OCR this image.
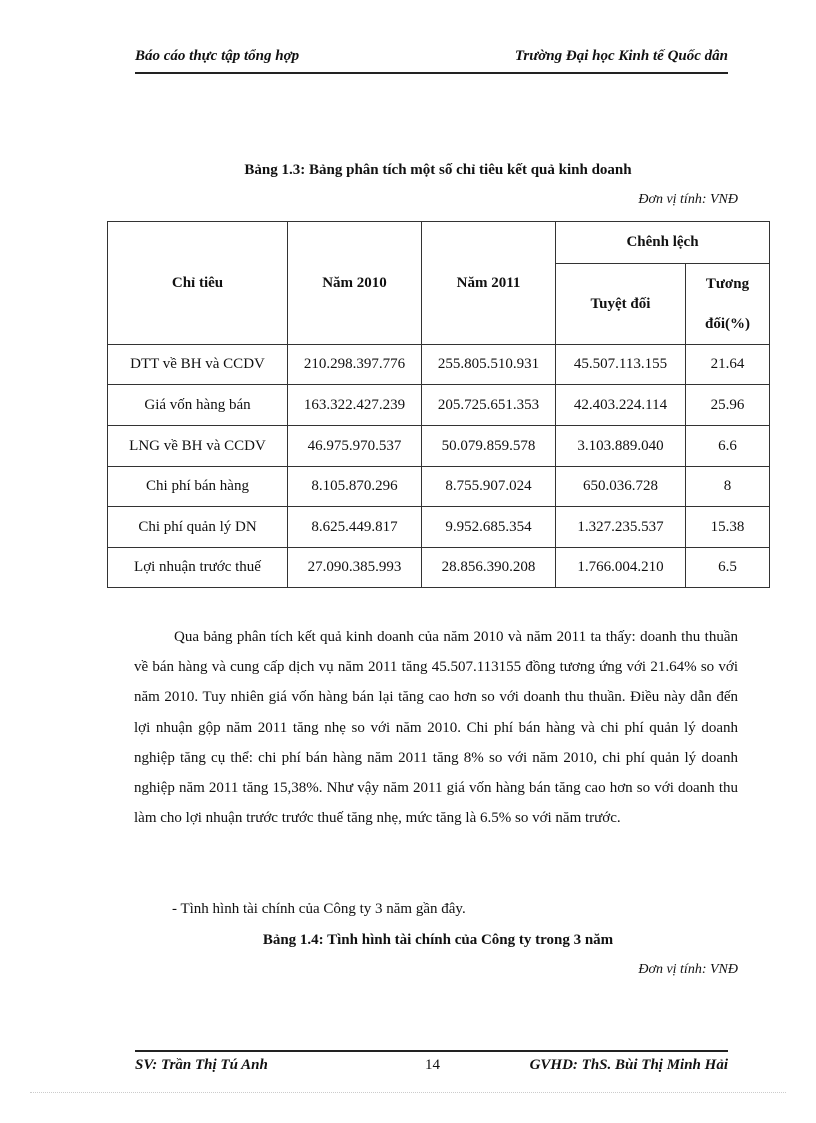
Báo cáo thực tập tổng hợp	Trường Đại học Kinh tế Quốc dân
Bảng 1.3: Bảng phân tích một số chỉ tiêu kết quả kinh doanh
Đơn vị tính: VNĐ
Chỉ tiêu	Năm 2010	Năm 2011	Chênh lệch	
			Tuyệt đối	Tương
đối(%)

DTT về BH và CCDV	210.298.397.776	255.805.510.931	45.507.113.155	21.64
Giá vốn hàng bán	163.322.427.239	205.725.651.353	42.403.224.114	25.96
LNG về BH và CCDV	46.975.970.537	50.079.859.578	3.103.889.040	6.6
Chi phí bán hàng	8.105.870.296	8.755.907.024	650.036.728	8
Chi phí quản lý DN	8.625.449.817	9.952.685.354	1.327.235.537	15.38
Lợi nhuận trước thuế	27.090.385.993	28.856.390.208	1.766.004.210	6.5
Qua bảng phân tích kết quả kinh doanh của năm 2010 và năm 2011 ta thấy: doanh thu thuần về bán hàng và cung cấp dịch vụ năm 2011 tăng 45.507.113155 đồng tương ứng với 21.64% so với năm 2010. Tuy nhiên giá vốn hàng bán lại tăng cao hơn so với doanh thu thuần. Điều này dẫn đến lợi nhuận gộp năm 2011 tăng nhẹ so với năm 2010. Chi phí bán hàng và chi phí quản lý doanh nghiệp tăng cụ thể: chi phí bán hàng năm 2011 tăng 8% so với năm 2010, chi phí quản lý doanh nghiệp năm 2011 tăng 15,38%. Như vậy năm 2011 giá vốn hàng bán tăng cao hơn so với doanh thu làm cho lợi nhuận trước trước thuế tăng nhẹ, mức tăng là 6.5% so với năm trước.
- Tình hình tài chính của Công ty 3 năm gần đây.
Bảng 1.4: Tình hình tài chính của Công ty trong 3 năm
Đơn vị tính: VNĐ
SV: Trần Thị Tú Anh	14	GVHD: ThS. Bùi Thị Minh Hải
